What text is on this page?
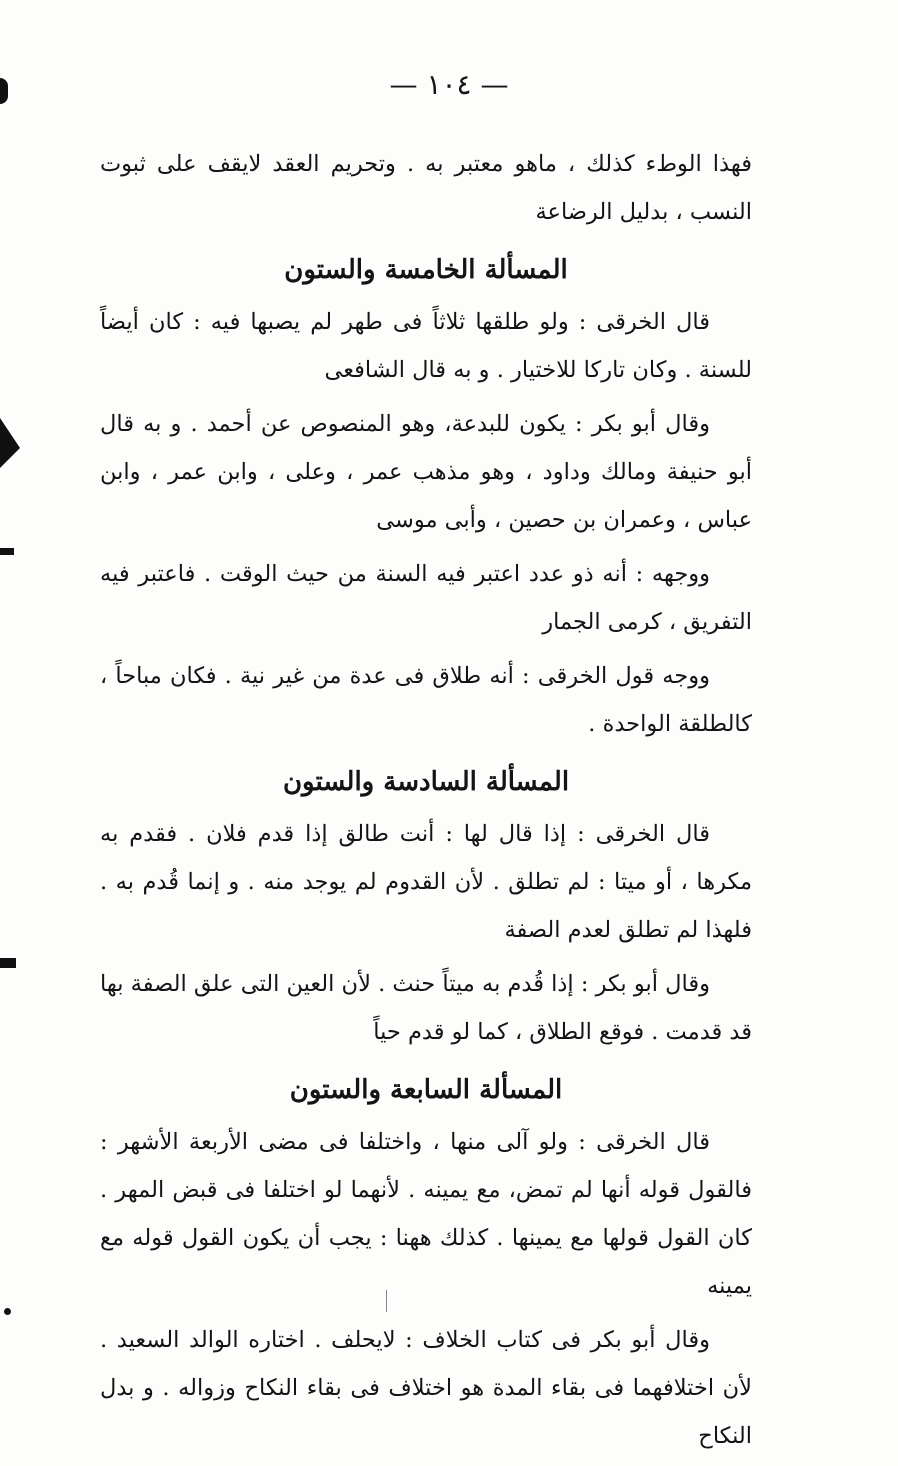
— ١٠٤ —

فهذا الوطء كذلك ، ماهو معتبر به . وتحريم العقد لايقف على ثبوت النسب ، بدليل الرضاعة

المسألة الخامسة والستون

قال الخرقى : ولو طلقها ثلاثاً فى طهر لم يصبها فيه : كان أيضاً للسنة . وكان تاركا للاختيار . و به قال الشافعى

وقال أبو بكر : يكون للبدعة، وهو المنصوص عن أحمد . و به قال أبو حنيفة ومالك وداود ، وهو مذهب عمر ، وعلى ، وابن عمر ، وابن عباس ، وعمران بن حصين ، وأبى موسى

ووجهه : أنه ذو عدد اعتبر فيه السنة من حيث الوقت . فاعتبر فيه التفريق ، كرمى الجمار

ووجه قول الخرقى : أنه طلاق فى عدة من غير نية . فكان مباحاً ، كالطلقة الواحدة .

المسألة السادسة والستون

قال الخرقى : إذا قال لها : أنت طالق إذا قدم فلان . فقدم به مكرها ، أو ميتا : لم تطلق . لأن القدوم لم يوجد منه . و إنما قُدم به . فلهذا لم تطلق لعدم الصفة

وقال أبو بكر : إذا قُدم به ميتاً حنث . لأن العين التى علق الصفة بها قد قدمت . فوقع الطلاق ، كما لو قدم حياً

المسألة السابعة والستون

قال الخرقى : ولو آلى منها ، واختلفا فى مضى الأربعة الأشهر : فالقول قوله أنها لم تمض، مع يمينه . لأنهما لو اختلفا فى قبض المهر . كان القول قولها مع يمينها . كذلك ههنا : يجب أن يكون القول قوله مع يمينه

وقال أبو بكر فى كتاب الخلاف : لايحلف . اختاره الوالد السعيد . لأن اختلافهما فى بقاء المدة هو اختلاف فى بقاء النكاح وزواله . و بدل النكاح
